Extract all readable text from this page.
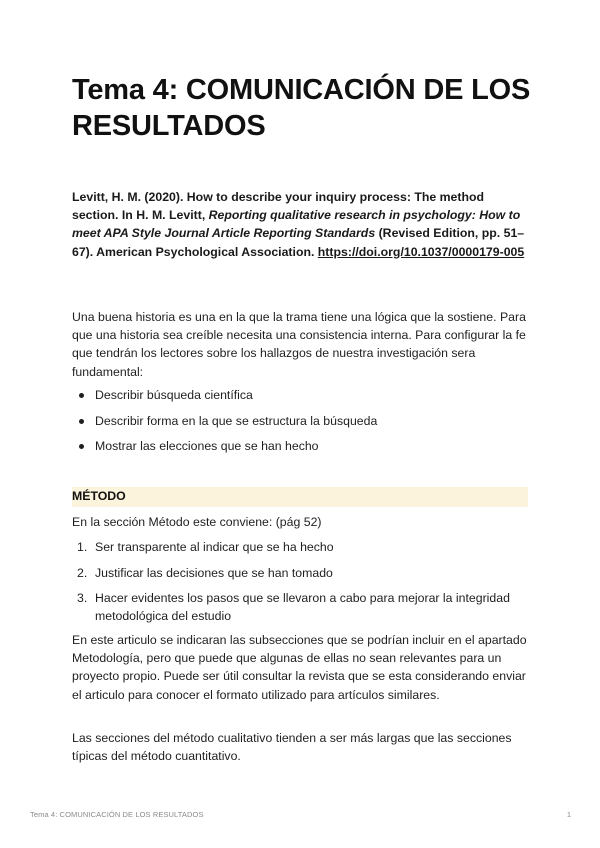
Tema 4: COMUNICACIÓN DE LOS RESULTADOS

Levitt, H. M. (2020). How to describe your inquiry process: The method section. In H. M. Levitt, Reporting qualitative research in psychology: How to meet APA Style Journal Article Reporting Standards (Revised Edition, pp. 51–67). American Psychological Association. https://doi.org/10.1037/0000179-005

Una buena historia es una en la que la trama tiene una lógica que la sostiene. Para que una historia sea creíble necesita una consistencia interna. Para configurar la fe que tendrán los lectores sobre los hallazgos de nuestra investigación sera fundamental:

Describir búsqueda científica
Describir forma en la que se estructura la búsqueda
Mostrar las elecciones que se han hecho
MÉTODO

En la sección Método este conviene: (pág 52)

1. Ser transparente al indicar que se ha hecho
2. Justificar las decisiones que se han tomado
3. Hacer evidentes los pasos que se llevaron a cabo para mejorar la integridad metodológica del estudio

En este articulo se indicaran las subsecciones que se podrían incluir en el apartado Metodología, pero que puede que algunas de ellas no sean relevantes para un proyecto propio. Puede ser útil consultar la revista que se esta considerando enviar el articulo para conocer el formato utilizado para artículos similares.

Las secciones del método cualitativo tienden a ser más largas que las secciones típicas del método cuantitativo.

Tema 4: COMUNICACIÓN DE LOS RESULTADOS	1
